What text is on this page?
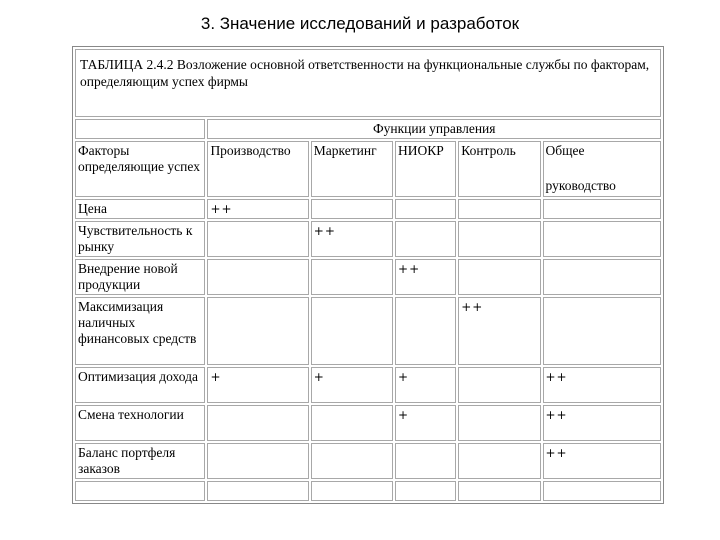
3. Значение исследований и разработок
ТАБЛИЦА 2.4.2 Возложение основной ответственности на функциональные службы по факторам, определяющим успех фирмы					
	Функции управления				
Факторы определяющие успех	Производство	Маркетинг	НИОКР	Контроль	Общее
руководство

Цена	++				
Чувствительность к рынку		++			
Внедрение новой продукции			++		
Максимизация наличных финансовых средств				++	
Оптимизация дохода	+	+	+		++
Смена технологии			+		++
Баланс портфеля заказов					++
